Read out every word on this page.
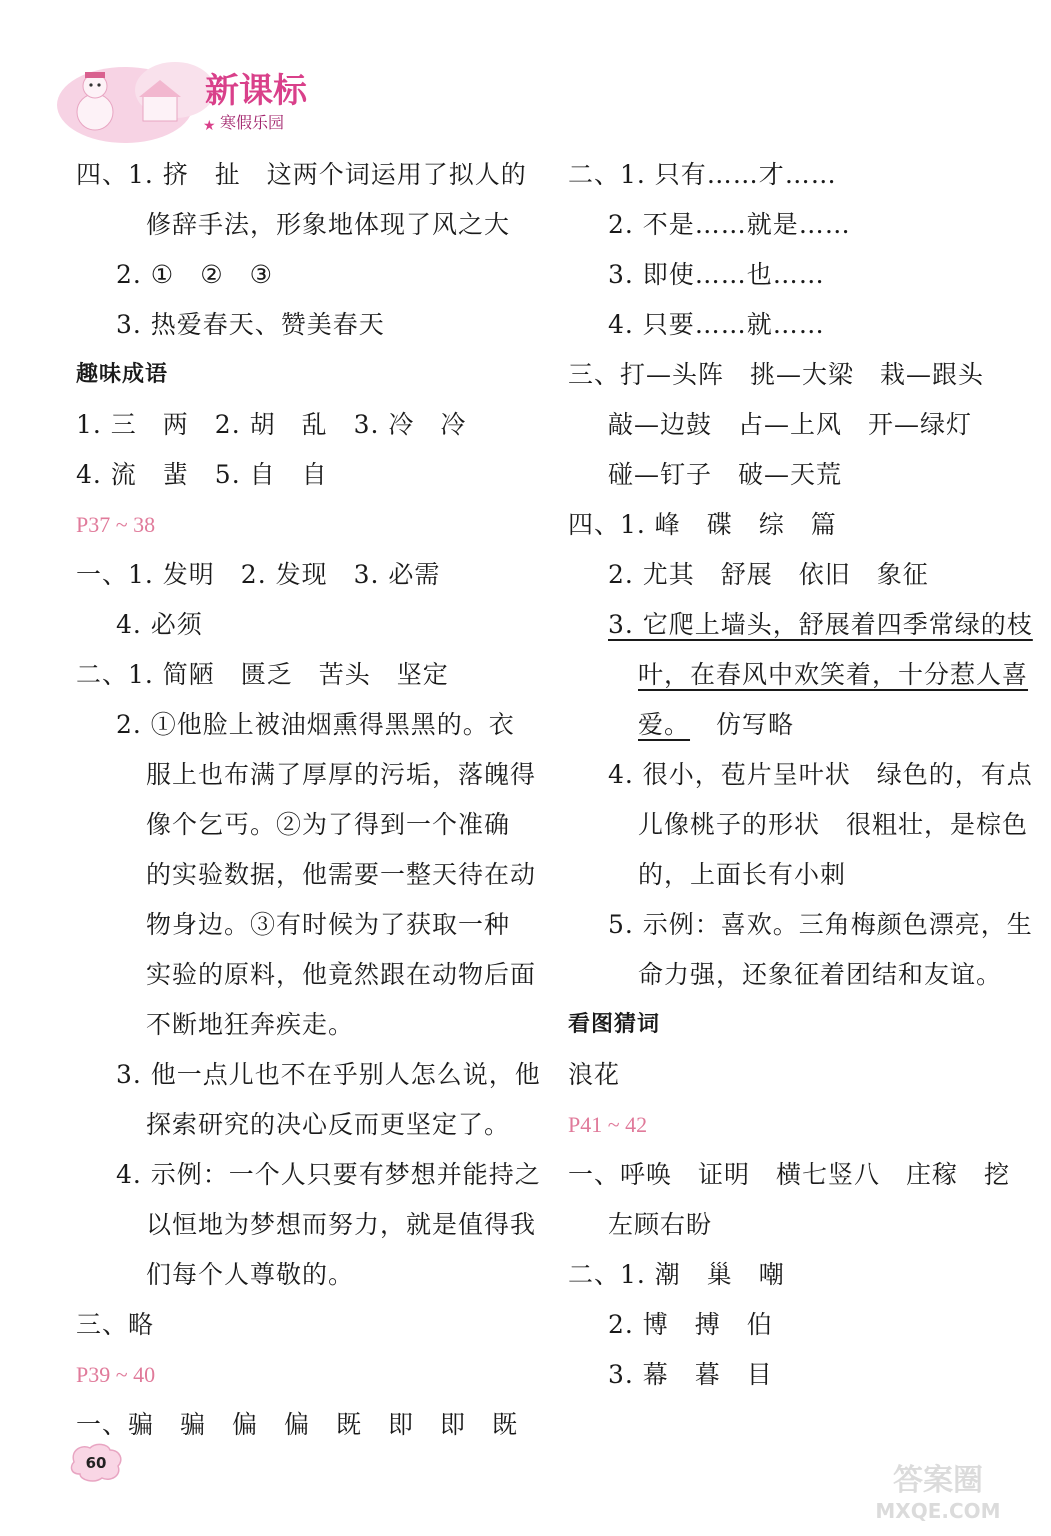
新课标
寒假乐园
★
四、1. 挤　扯　这两个词运用了拟人的
修辞手法，形象地体现了风之大
2. ①　②　③
3. 热爱春天、赞美春天
趣味成语
1. 三　两　2. 胡　乱　3. 冷　冷
4. 流　蜚　5. 自　自
P37 ~ 38
一、1. 发明　2. 发现　3. 必需
4. 必须
二、1. 简陋　匮乏　苦头　坚定
2. ①他脸上被油烟熏得黑黑的。衣
服上也布满了厚厚的污垢，落魄得
像个乞丐。②为了得到一个准确
的实验数据，他需要一整天待在动
物身边。③有时候为了获取一种
实验的原料，他竟然跟在动物后面
不断地狂奔疾走。
3. 他一点儿也不在乎别人怎么说，他
探索研究的决心反而更坚定了。
4. 示例：一个人只要有梦想并能持之
以恒地为梦想而努力，就是值得我
们每个人尊敬的。
三、略
P39 ~ 40
一、骗　骗　偏　偏　既　即　即　既
二、1. 只有……才……
2. 不是……就是……
3. 即使……也……
4. 只要……就……
三、打—头阵　挑—大梁　栽—跟头
敲—边鼓　占—上风　开—绿灯
碰—钉子　破—天荒
四、1. 峰　碟　综　篇
2. 尤其　舒展　依旧　象征
3. 它爬上墙头，舒展着四季常绿的枝
叶，在春风中欢笑着，十分惹人喜
爱。 仿写略
4. 很小，苞片呈叶状　绿色的，有点
儿像桃子的形状　很粗壮，是棕色
的，上面长有小刺
5. 示例：喜欢。三角梅颜色漂亮，生
命力强，还象征着团结和友谊。
看图猜词
浪花
P41 ~ 42
一、呼唤　证明　横七竖八　庄稼　挖
左顾右盼
二、1. 潮　巢　嘲
2. 博　搏　伯
3. 幕　暮　目
60	答案圈
MXQE.COM
